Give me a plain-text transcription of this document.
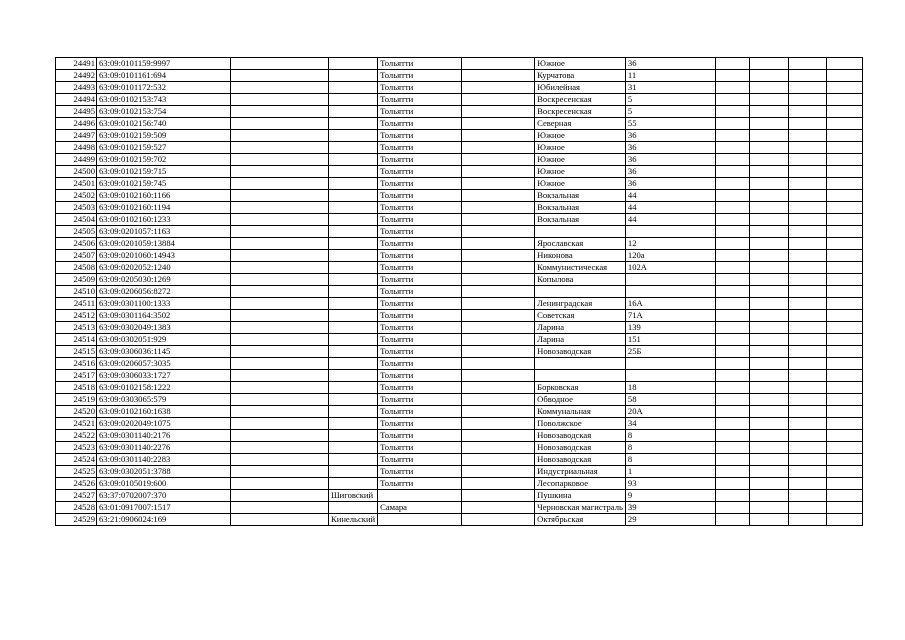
24491	63:09:0101159:9997			Тольятти		Южное	36				
24492	63:09:0101161:694			Тольятти		Курчатова	11				
24493	63:09:0101172:532			Тольятти		Юбилейная	31				
24494	63:09:0102153:743			Тольятти		Воскресенская	5				
24495	63:09:0102153:754			Тольятти		Воскресенская	5				
24496	63:09:0102156:740			Тольятти		Северная	55				
24497	63:09:0102159:509			Тольятти		Южное	36				
24498	63:09:0102159:527			Тольятти		Южное	36				
24499	63:09:0102159:702			Тольятти		Южное	36				
24500	63:09:0102159:715			Тольятти		Южное	36				
24501	63:09:0102159:745			Тольятти		Южное	36				
24502	63:09:0102160:1166			Тольятти		Вокзальная	44				
24503	63:09:0102160:1194			Тольятти		Вокзальная	44				
24504	63:09:0102160:1233			Тольятти		Вокзальная	44				
24505	63:09:0201057:1163			Тольятти							
24506	63:09:0201059:13884			Тольятти		Ярославская	12				
24507	63:09:0201060:14943			Тольятти		Никонова	120а				
24508	63:09:0202052:1240			Тольятти		Коммунистическая	102А				
24509	63:09:0205030:1269			Тольятти		Копылова					
24510	63:09:0206056:8272			Тольятти							
24511	63:09:0301100:1333			Тольятти		Ленинградская	16А				
24512	63:09:0301164:3502			Тольятти		Советская	71А				
24513	63:09:0302049:1383			Тольятти		Ларина	139				
24514	63:09:0302051:929			Тольятти		Ларина	151				
24515	63:09:0306036:1145			Тольятти		Новозаводская	25Б				
24516	63:09:0206057:3035			Тольятти							
24517	63:09:0306033:1727			Тольятти							
24518	63:09:0102158:1222			Тольятти		Борковская	18				
24519	63:09:0303065:579			Тольятти		Обводное	58				
24520	63:09:0102160:1638			Тольятти		Коммунальная	20А				
24521	63:09:0202049:1075			Тольятти		Поволжское	34				
24522	63:09:0301140:2176			Тольятти		Новозаводская	8				
24523	63:09:0301140:2276			Тольятти		Новозаводская	8				
24524	63:09:0301140:2283			Тольятти		Новозаводская	8				
24525	63:09:0302051:3788			Тольятти		Индустриальная	1				
24526	63:09:0105019:600			Тольятти		Лесопарковое	93				
24527	63:37:0702007:370		Шиговский			Пушкина	9				
24528	63:01:0917007:1517			Самара		Черновская магистраль	39				
24529	63:21:0906024:169		Кинельский			Октябрьская	29				
